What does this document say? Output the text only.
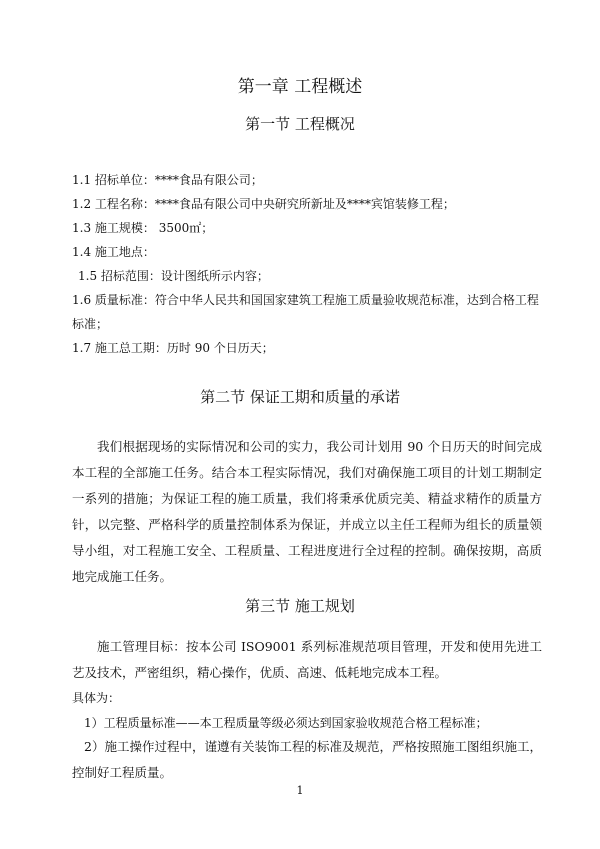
第一章 工程概述
第一节 工程概况
1.1 招标单位：****食品有限公司；
1.2 工程名称：****食品有限公司中央研究所新址及****宾馆装修工程；
1.3 施工规模： 3500㎡；
1.4 施工地点：
1.5 招标范围：设计图纸所示内容；
1.6 质量标准：符合中华人民共和国国家建筑工程施工质量验收规范标准，达到合格工程
标准；
1.7 施工总工期：历时 90 个日历天；
第二节 保证工期和质量的承诺
我们根据现场的实际情况和公司的实力，我公司计划用 90 个日历天的时间完成本工程的全部施工任务。结合本工程实际情况，我们对确保施工项目的计划工期制定一系列的措施；为保证工程的施工质量，我们将秉承优质完美、精益求精作的质量方针，以完整、严格科学的质量控制体系为保证，并成立以主任工程师为组长的质量领导小组，对工程施工安全、工程质量、工程进度进行全过程的控制。确保按期，高质地完成施工任务。
第三节 施工规划
施工管理目标：按本公司 ISO9001 系列标准规范项目管理，开发和使用先进工艺及技术，严密组织，精心操作，优质、高速、低耗地完成本工程。
具体为：
1）工程质量标准——本工程质量等级必须达到国家验收规范合格工程标准；
2）施工操作过程中，谨遵有关装饰工程的标准及规范，严格按照施工图组织施工，控制好工程质量。
1
